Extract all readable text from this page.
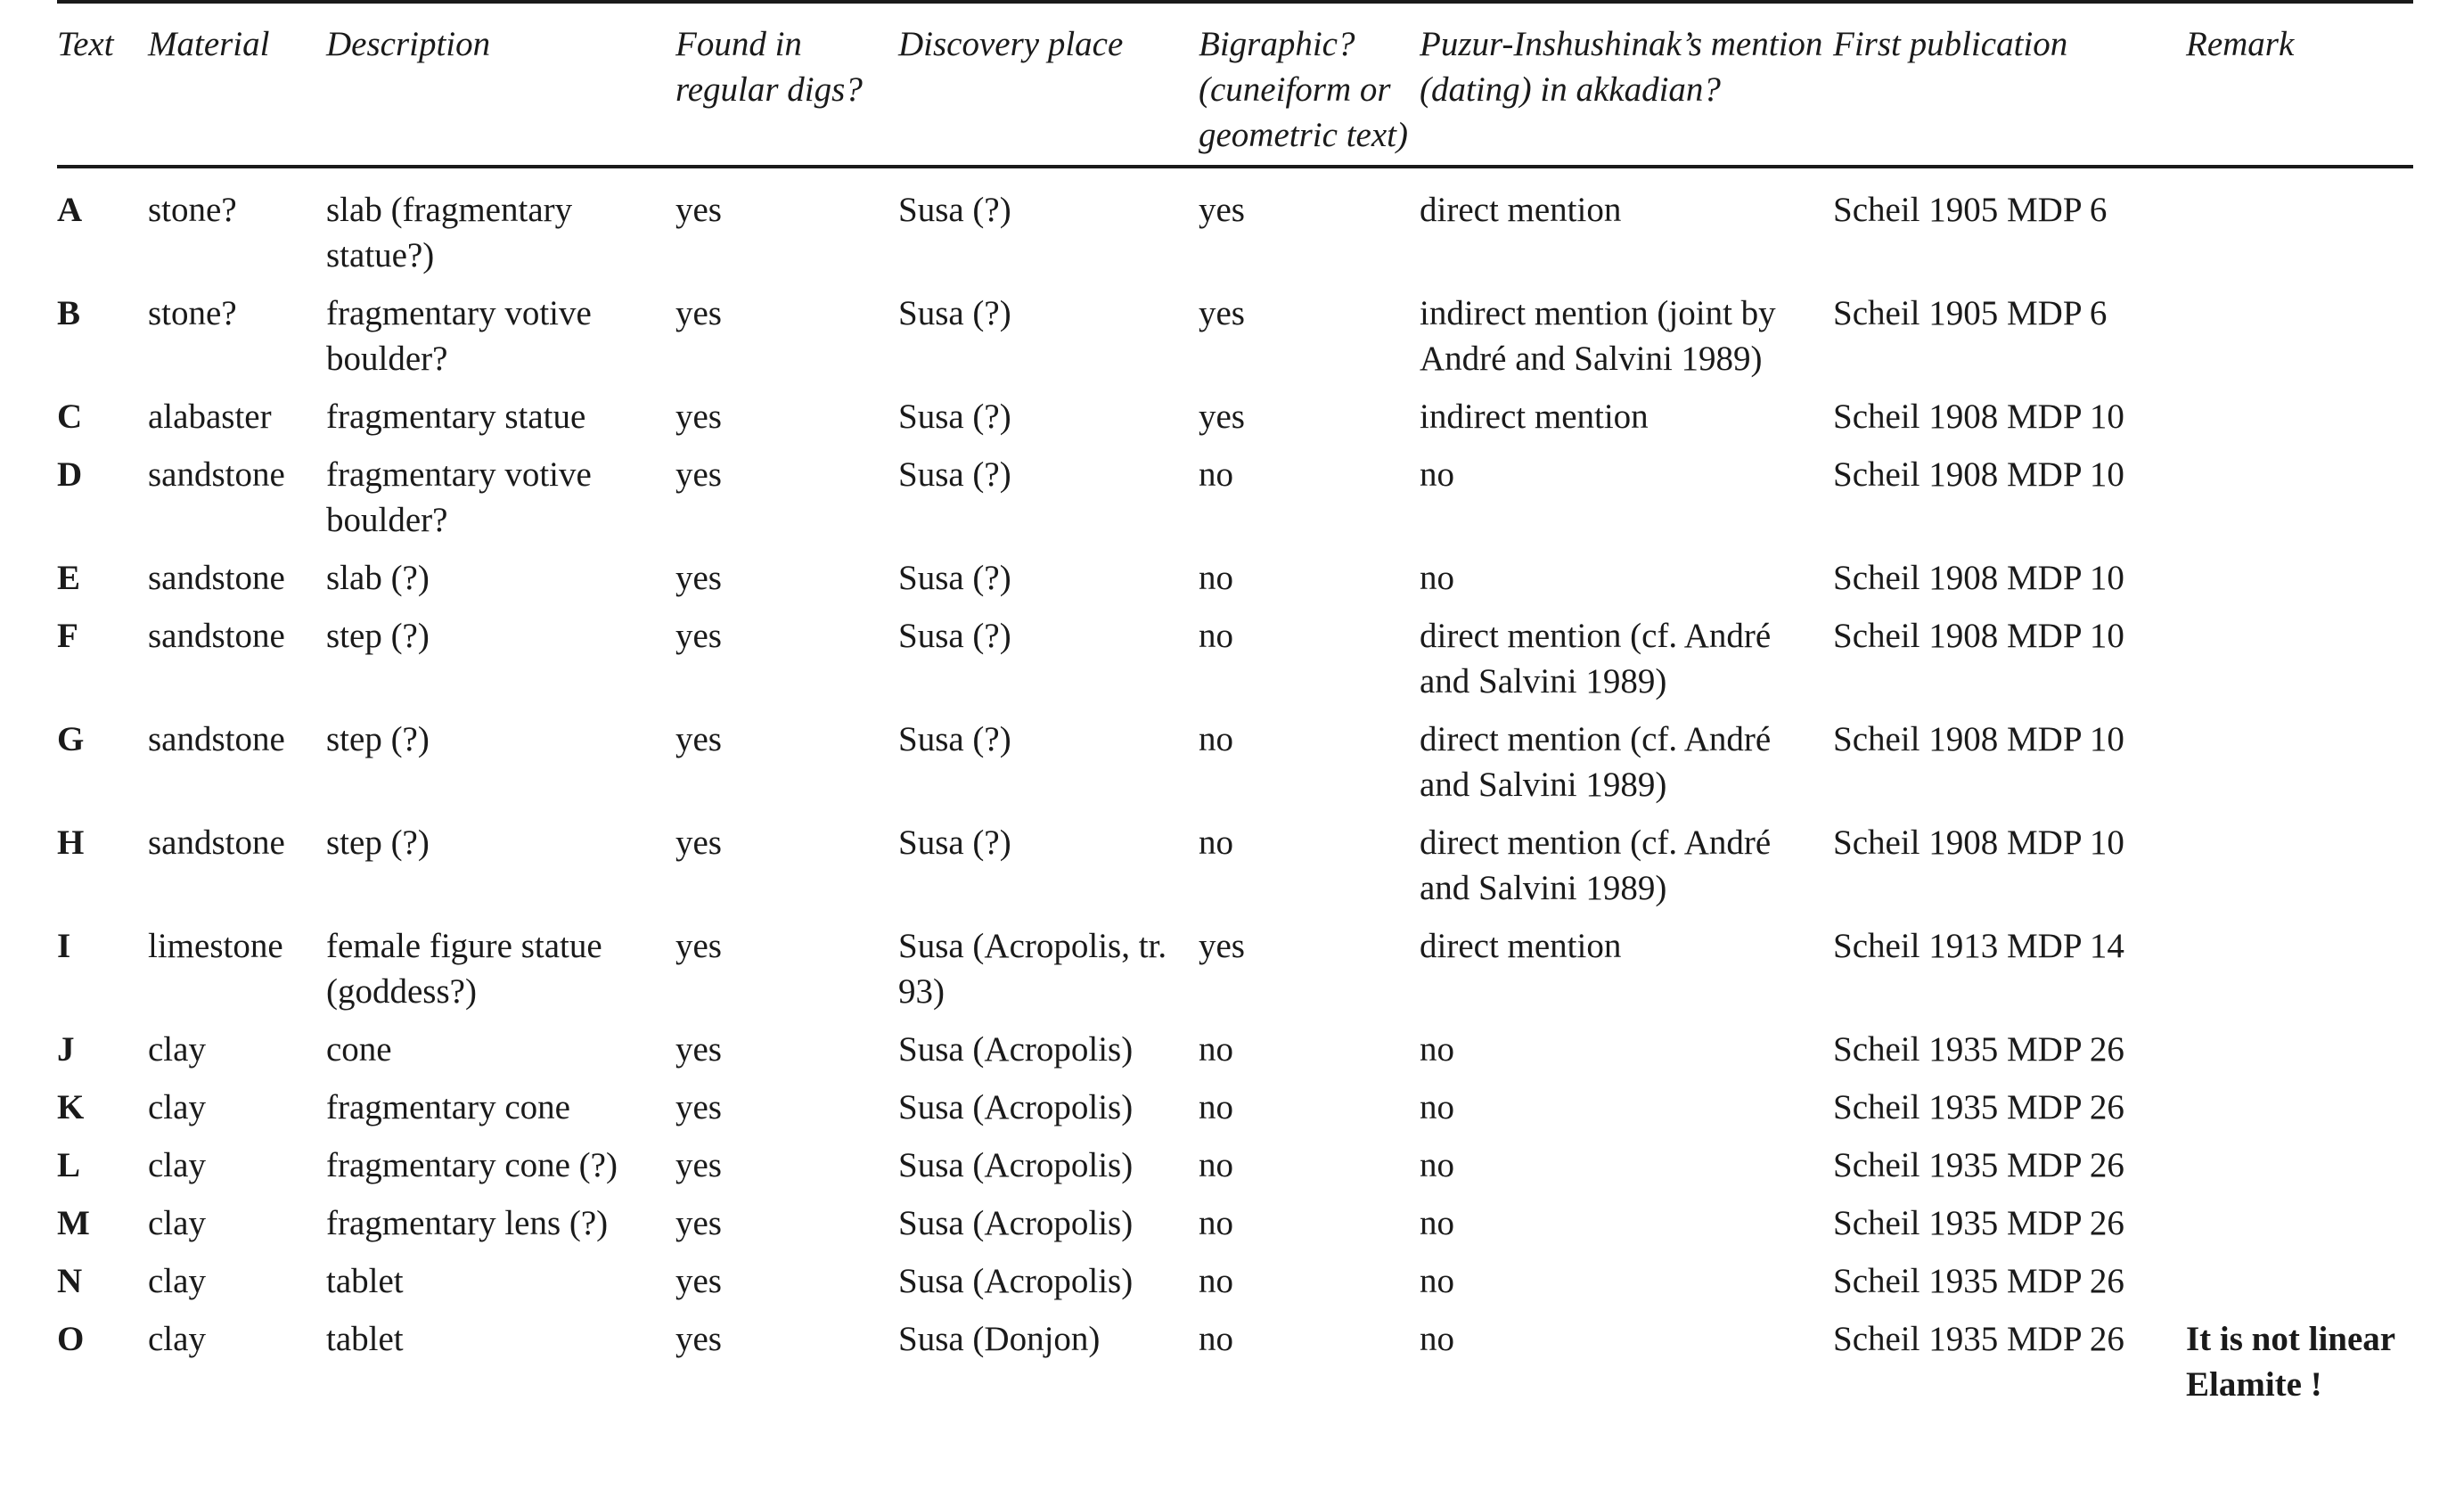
Text	Material	Description	Found in regular digs?	Discovery place	Bigraphic? (cuneiform or geometric text)	Puzur-Inshushinak’s mention (dating) in akkadian?	First publication	Remark
A	stone?	slab (fragmentary statue?)	yes	Susa (?)	yes	direct mention	Scheil 1905 MDP 6	
B	stone?	fragmentary votive boulder?	yes	Susa (?)	yes	indirect mention (joint by André and Salvini 1989)	Scheil 1905 MDP 6	
C	alabaster	fragmentary statue	yes	Susa (?)	yes	indirect mention	Scheil 1908 MDP 10	
D	sandstone	fragmentary votive boulder?	yes	Susa (?)	no	no	Scheil 1908 MDP 10	
E	sandstone	slab (?)	yes	Susa (?)	no	no	Scheil 1908 MDP 10	
F	sandstone	step (?)	yes	Susa (?)	no	direct mention (cf. André and Salvini 1989)	Scheil 1908 MDP 10	
G	sandstone	step (?)	yes	Susa (?)	no	direct mention (cf. André and Salvini 1989)	Scheil 1908 MDP 10	
H	sandstone	step (?)	yes	Susa (?)	no	direct mention (cf. André and Salvini 1989)	Scheil 1908 MDP 10	
I	limestone	female figure statue (goddess?)	yes	Susa (Acropolis, tr. 93)	yes	direct mention	Scheil 1913 MDP 14	
J	clay	cone	yes	Susa (Acropolis)	no	no	Scheil 1935 MDP 26	
K	clay	fragmentary cone	yes	Susa (Acropolis)	no	no	Scheil 1935 MDP 26	
L	clay	fragmentary cone (?)	yes	Susa (Acropolis)	no	no	Scheil 1935 MDP 26	
M	clay	fragmentary lens (?)	yes	Susa (Acropolis)	no	no	Scheil 1935 MDP 26	
N	clay	tablet	yes	Susa (Acropolis)	no	no	Scheil 1935 MDP 26	
O	clay	tablet	yes	Susa (Donjon)	no	no	Scheil 1935 MDP 26	It is not linear Elamite !
